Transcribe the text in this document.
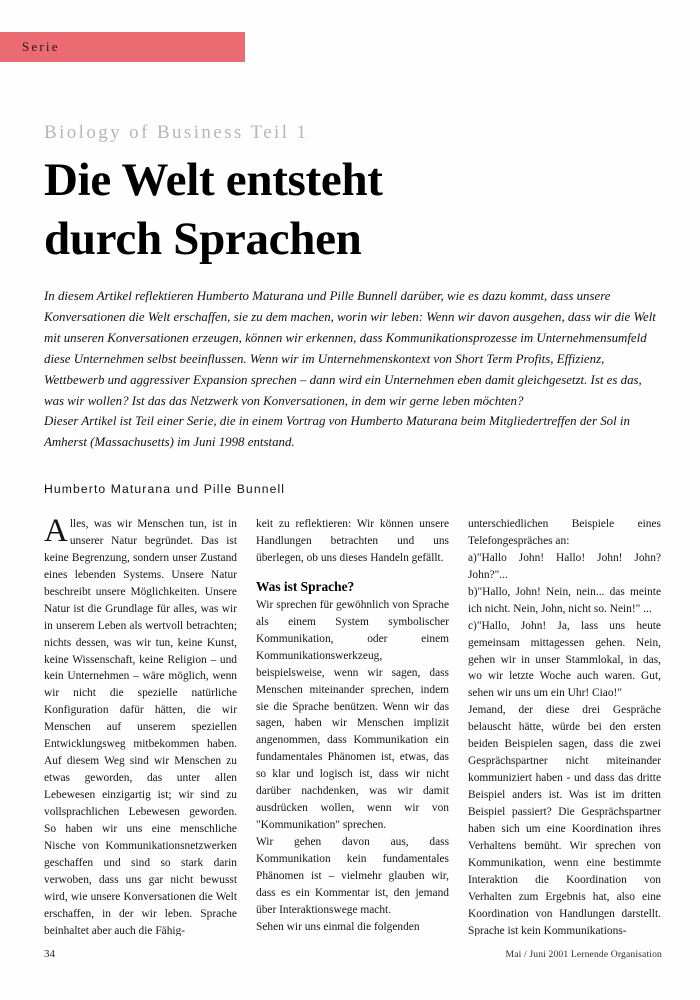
Serie
Biology of Business Teil 1
Die Welt entsteht
durch Sprachen

In diesem Artikel reflektieren Humberto Maturana und Pille Bunnell darüber, wie es dazu kommt, dass unsere Konversationen die Welt erschaffen, sie zu dem machen, worin wir leben: Wenn wir davon ausgehen, dass wir die Welt mit unseren Konversationen erzeugen, können wir erkennen, dass Kommunikationsprozesse im Unternehmensumfeld diese Unternehmen selbst beeinflussen. Wenn wir im Unternehmenskontext von Short Term Profits, Effizienz, Wettbewerb und aggressiver Expansion sprechen – dann wird ein Unternehmen eben damit gleichgesetzt. Ist es das, was wir wollen? Ist das das Netzwerk von Konversationen, in dem wir gerne leben möchten?

Dieser Artikel ist Teil einer Serie, die in einem Vortrag von Humberto Maturana beim Mitgliedertreffen der Sol in Amherst (Massachusetts) im Juni 1998 entstand.

Humberto Maturana und Pille Bunnell

Alles, was wir Menschen tun, ist in unserer Natur begründet. Das ist keine Begrenzung, sondern unser Zustand eines lebenden Systems. Unsere Natur beschreibt unsere Möglichkeiten. Unsere Natur ist die Grundlage für alles, was wir in unserem Leben als wertvoll betrachten; nichts dessen, was wir tun, keine Kunst, keine Wissenschaft, keine Religion – und kein Unternehmen – wäre möglich, wenn wir nicht die spezielle natürliche Konfiguration dafür hätten, die wir Menschen auf unserem speziellen Entwicklungsweg mitbekommen haben. Auf diesem Weg sind wir Menschen zu etwas geworden, das unter allen Lebewesen einzigartig ist; wir sind zu vollsprachlichen Lebewesen geworden. So haben wir uns eine menschliche Nische von Kommunikationsnetzwerken geschaffen und sind so stark darin verwoben, dass uns gar nicht bewusst wird, wie unsere Konversationen die Welt erschaffen, in der wir leben. Sprache beinhaltet aber auch die Fähig-

keit zu reflektieren: Wir können unsere Handlungen betrachten und uns überlegen, ob uns dieses Handeln gefällt.

Was ist Sprache?

Wir sprechen für gewöhnlich von Sprache als einem System symbolischer Kommunikation, oder einem Kommunikationswerkzeug, beispielsweise, wenn wir sagen, dass Menschen miteinander sprechen, indem sie die Sprache benützen. Wenn wir das sagen, haben wir Menschen implizit angenommen, dass Kommunikation ein fundamentales Phänomen ist, etwas, das so klar und logisch ist, dass wir nicht darüber nachdenken, was wir damit ausdrücken wollen, wenn wir von "Kommunikation" sprechen.

Wir gehen davon aus, dass Kommunikation kein fundamentales Phänomen ist – vielmehr glauben wir, dass es ein Kommentar ist, den jemand über Interaktionswege macht.

Sehen wir uns einmal die folgenden

unterschiedlichen Beispiele eines Telefongespräches an:

a)"Hallo John! Hallo! John! John? John?"...

b)"Hallo, John! Nein, nein... das meinte ich nicht. Nein, John, nicht so. Nein!" ...

c)"Hallo, John! Ja, lass uns heute gemeinsam mittagessen gehen. Nein, gehen wir in unser Stammlokal, in das, wo wir letzte Woche auch waren. Gut, sehen wir uns um ein Uhr! Ciao!"

Jemand, der diese drei Gespräche belauscht hätte, würde bei den ersten beiden Beispielen sagen, dass die zwei Gesprächspartner nicht miteinander kommuniziert haben - und dass das dritte Beispiel anders ist. Was ist im dritten Beispiel passiert? Die Gesprächspartner haben sich um eine Koordination ihres Verhaltens bemüht. Wir sprechen von Kommunikation, wenn eine bestimmte Interaktion die Koordination von Verhalten zum Ergebnis hat, also eine Koordination von Handlungen darstellt. Sprache ist kein Kommunikations-

34	Mai / Juni 2001 Lernende Organisation
